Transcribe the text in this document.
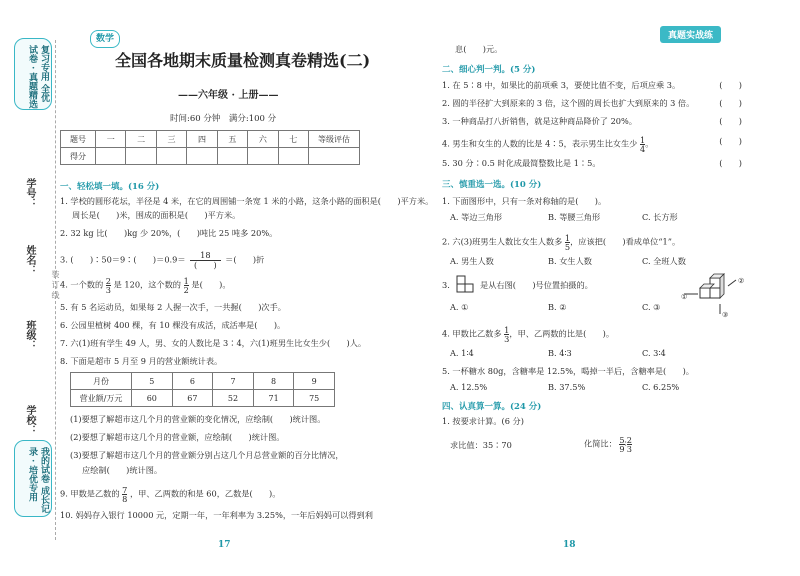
复习专用 全优试卷 · 真题精选
我的试卷 成长记录 · 培优专用
学号：
姓名：
班级：
学校：
装 订 线
数学
全国各地期末质量检测真卷精选(二)
——六年级 · 上册——
时间:60 分钟　满分:100 分
题号	一	二	三	四	五	六	七	等级评估
得分								
一、轻松填一填。(16 分)
1. 学校的圆形花坛，半径是 4 米，在它的周围铺一条宽 1 米的小路，这条小路的面积是(　　)平方米。
周长是(　　)米，围成的面积是(　　)平方米。
2. 32 kg 比(　　)kg 少 20%，(　　)吨比 25 吨多 20%。
3. (　　)∶50＝9∶(　　)＝0.9＝	18
(　　)
＝(　　)折
4. 一个数的 $\frac{2}{3}$ 是 120，这个数的 $\frac{1}{2}$ 是(　　)。
5. 有 5 名运动员，如果每 2 人握一次手，一共握(　　)次手。
6. 公园里植树 400 棵，有 10 棵没有成活，成活率是(　　)。
7. 六(1)班有学生 49 人，男、女的人数比是 3∶4，六(1)班男生比女生少(　　)人。
8. 下面是超市 5 月至 9 月的营业额统计表。
月份	5	6	7	8	9
营业额/万元	60	67	52	71	75
(1)要想了解超市这几个月的营业额的变化情况，应绘制(　　)统计图。
(2)要想了解超市这几个月的营业额，应绘制(　　)统计图。
(3)要想了解超市这几个月的营业额分别占这几个月总营业额的百分比情况，
应绘制(　　)统计图。
9. 甲数是乙数的 $\frac{7}{8}$ ，甲、乙两数的和是 60，乙数是(　　)。
10. 妈妈存入银行 10000 元，定期一年，一年利率为 3.25%，一年后妈妈可以得到利
17
真题实战练
息(　　)元。
二、细心判一判。(5 分)
1. 在 5∶8 中，如果比的前项乘 3，要使比值不变，后项应乘 3。	(　　)
2. 圆的半径扩大到原来的 3 倍，这个圆的周长也扩大到原来的 3 倍。	(　　)
3. 一种商品打八折销售，就是这种商品降价了 20%。	(　　)
4. 男生和女生的人数的比是 4∶5，表示男生比女生少 $\frac{1}{4}$。	(　　)
5. 30 分∶0.5 时化成最简整数比是 1∶5。	(　　)
三、慎重选一选。(10 分)
1. 下面图形中，只有一条对称轴的是(　　)。
A. 等边三角形	B. 等腰三角形	C. 长方形
2. 六(3)班男生人数比女生人数多 $\frac{1}{5}$，应该把(　　)看成单位“1”。
A. 男生人数	B. 女生人数	C. 全班人数
3.	是从右图(　　)号位置拍摄的。
A. ①	B. ②	C. ③
①
②
③
4. 甲数比乙数多 $\frac{1}{3}$，甲、乙两数的比是(　　)。
A. 1∶4	B. 4∶3	C. 3∶4
5. 一杯糖水 80g，含糖率是 12.5%，喝掉一半后，含糖率是(　　)。
A. 12.5%	B. 37.5%	C. 6.25%
四、认真算一算。(24 分)
1. 按要求计算。(6 分)
求比值：35∶70	化简比： $\frac{5}{9}∶ \frac{2}{3}$
18
